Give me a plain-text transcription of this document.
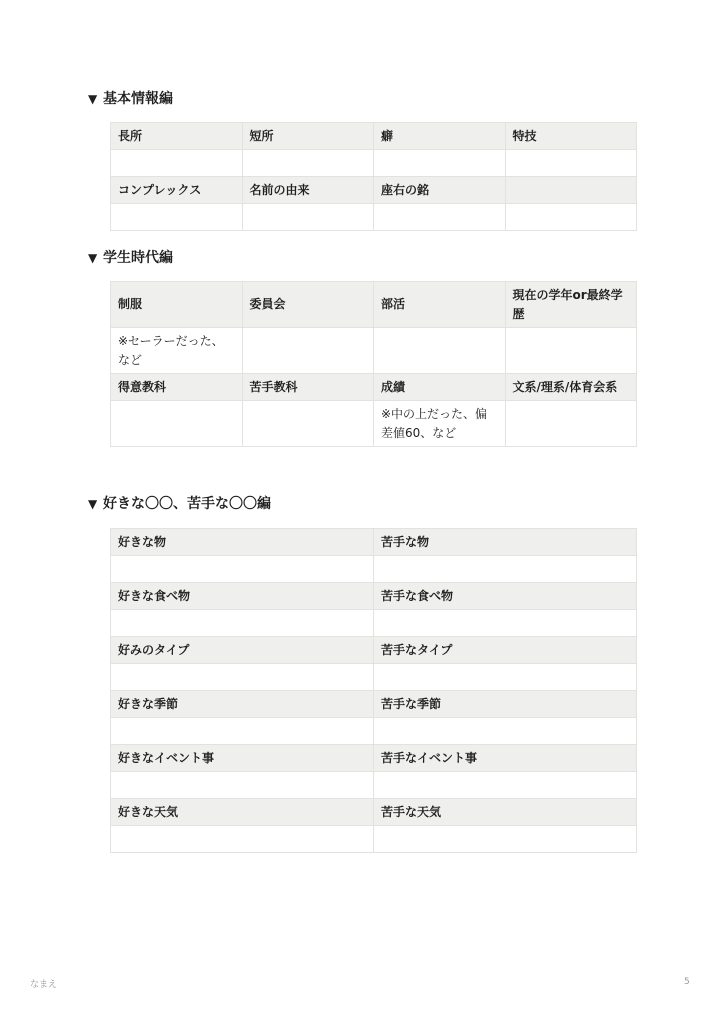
▼ 基本情報編
長所	短所	癖	特技

コンプレックス	名前の由来	座右の銘	

▼ 学生時代編
制服	委員会	部活	現在の学年or最終学歴
※セーラーだった、など			
得意教科	苦手教科	成績	文系/理系/体育会系
		※中の上だった、偏差値60、など	
▼ 好きな〇〇、苦手な〇〇編
好きな物	苦手な物

好きな食べ物	苦手な食べ物

好みのタイプ	苦手なタイプ

好きな季節	苦手な季節

好きなイベント事	苦手なイベント事

好きな天気	苦手な天気

なまえ	5
